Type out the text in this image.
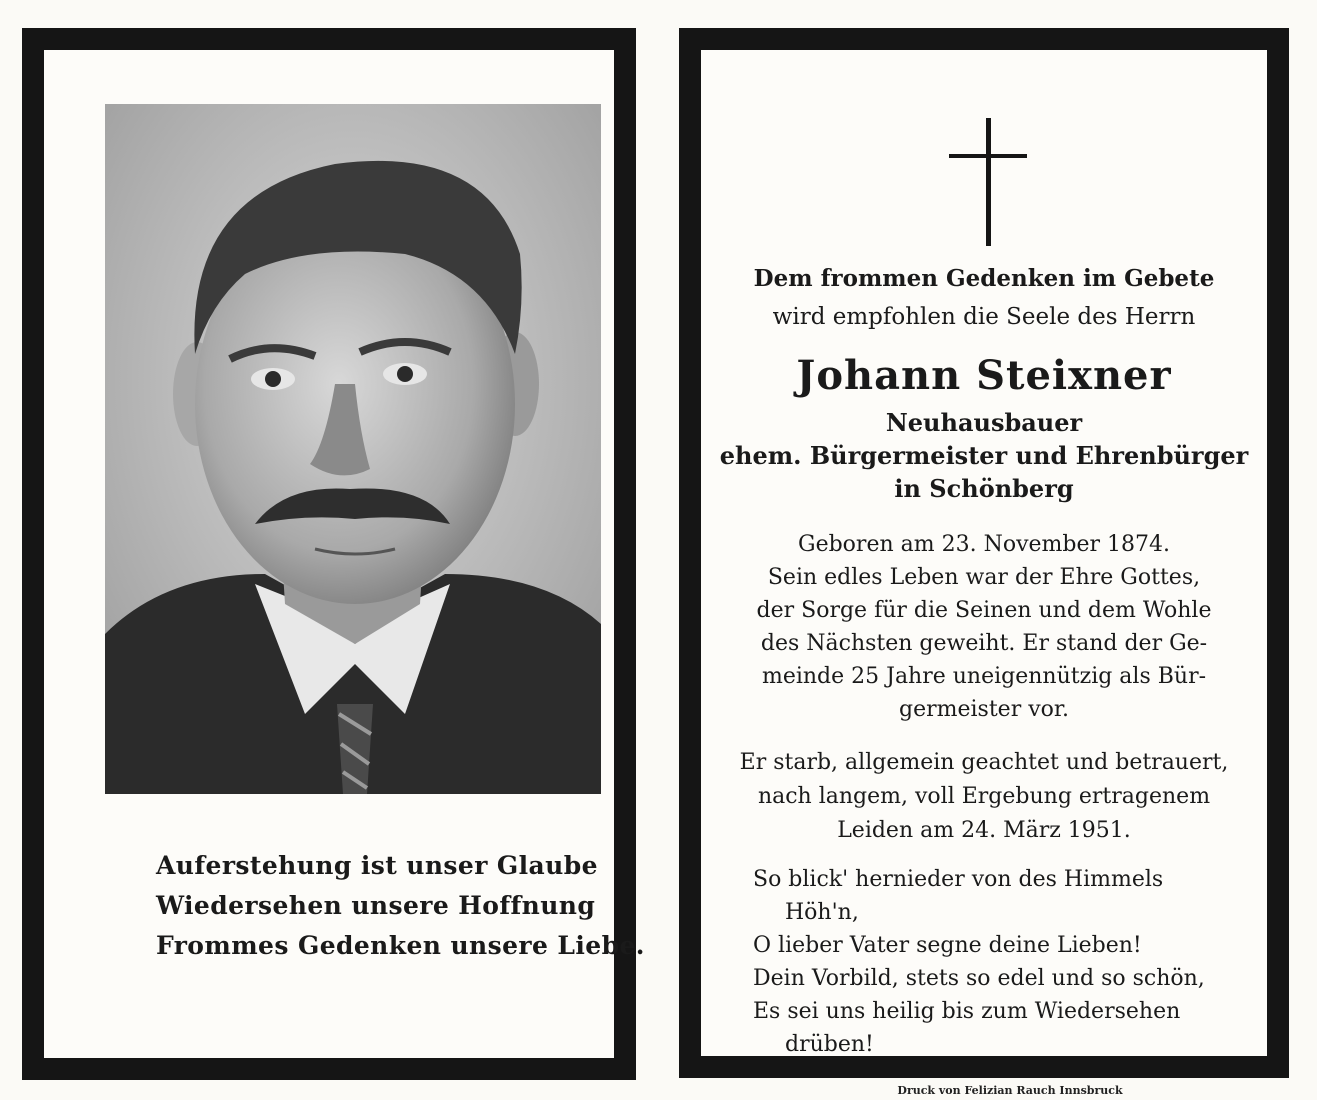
Auferstehung ist unser Glaube
Wiedersehen unsere Hoffnung
Frommes Gedenken unsere Liebe.
Dem frommen Gedenken im Gebete
wird empfohlen die Seele des Herrn
Johann Steixner
Neuhausbauer
ehem. Bürgermeister und Ehrenbürger
in Schönberg
Geboren am 23. November 1874.
Sein edles Leben war der Ehre Gottes,
der Sorge für die Seinen und dem Wohle
des Nächsten geweiht. Er stand der Ge-
meinde 25 Jahre uneigennützig als Bür-
germeister vor.
Er starb, allgemein geachtet und betrauert,
nach langem, voll Ergebung ertragenem
Leiden am 24. März 1951.
So blick' hernieder von des Himmels
Höh'n,
O lieber Vater segne deine Lieben!
Dein Vorbild, stets so edel und so schön,
Es sei uns heilig bis zum Wiedersehen
drüben!
Druck von Felizian Rauch Innsbruck
